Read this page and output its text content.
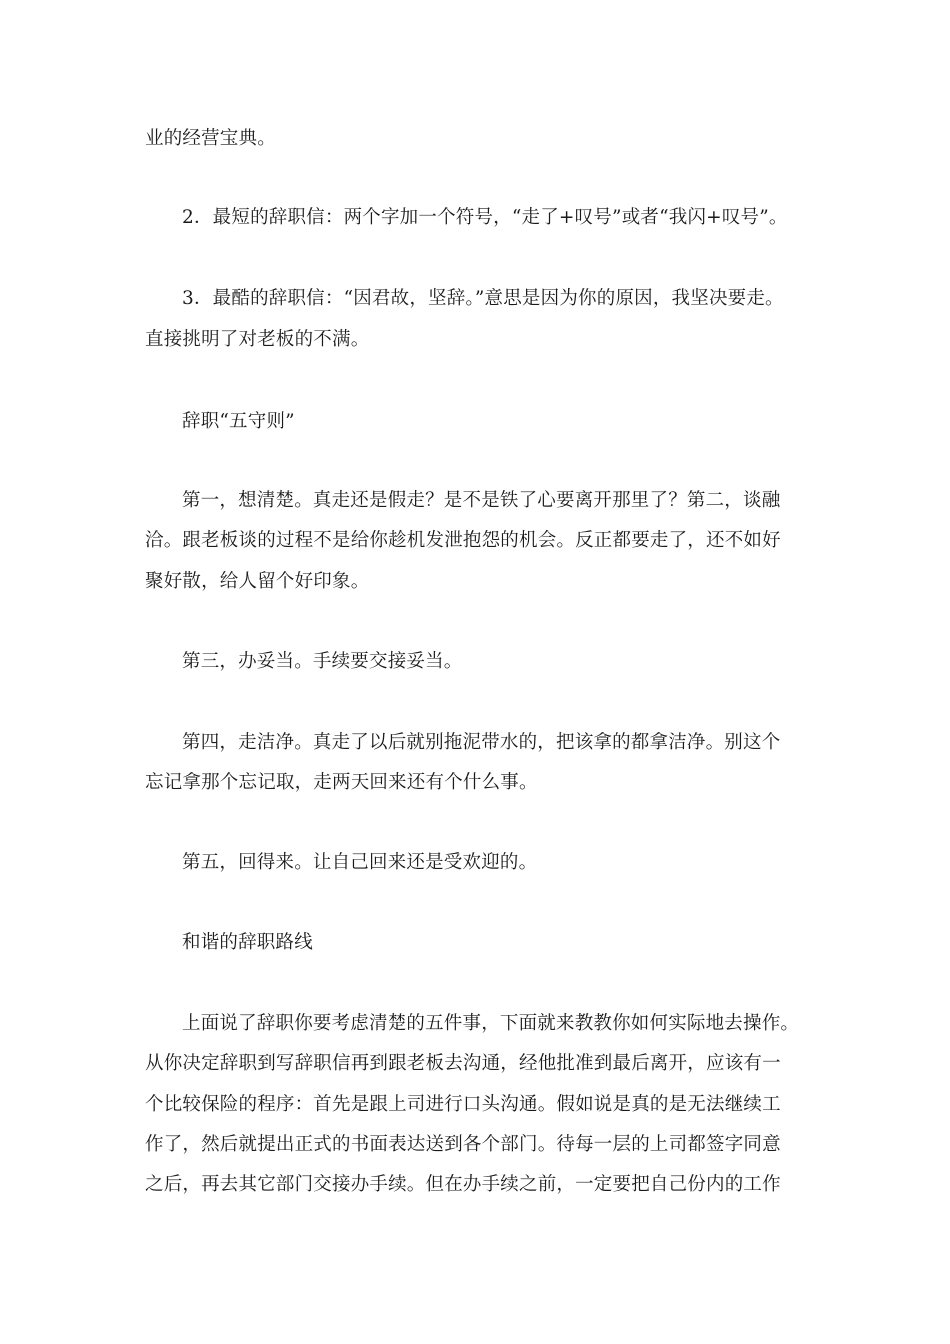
业的经营宝典。
2．最短的辞职信：两个字加一个符号，“走了+叹号”或者“我闪+叹号”。
3．最酷的辞职信：“因君故，坚辞。”意思是因为你的原因，我坚决要走。
直接挑明了对老板的不满。
辞职“五守则”
第一，想清楚。真走还是假走？是不是铁了心要离开那里了？第二，谈融
洽。跟老板谈的过程不是给你趁机发泄抱怨的机会。反正都要走了，还不如好
聚好散，给人留个好印象。
第三，办妥当。手续要交接妥当。
第四，走洁净。真走了以后就别拖泥带水的，把该拿的都拿洁净。别这个
忘记拿那个忘记取，走两天回来还有个什么事。
第五，回得来。让自己回来还是受欢迎的。
和谐的辞职路线
上面说了辞职你要考虑清楚的五件事，下面就来教教你如何实际地去操作。
从你决定辞职到写辞职信再到跟老板去沟通，经他批准到最后离开，应该有一
个比较保险的程序：首先是跟上司进行口头沟通。假如说是真的是无法继续工
作了，然后就提出正式的书面表达送到各个部门。待每一层的上司都签字同意
之后，再去其它部门交接办手续。但在办手续之前，一定要把自己份内的工作
